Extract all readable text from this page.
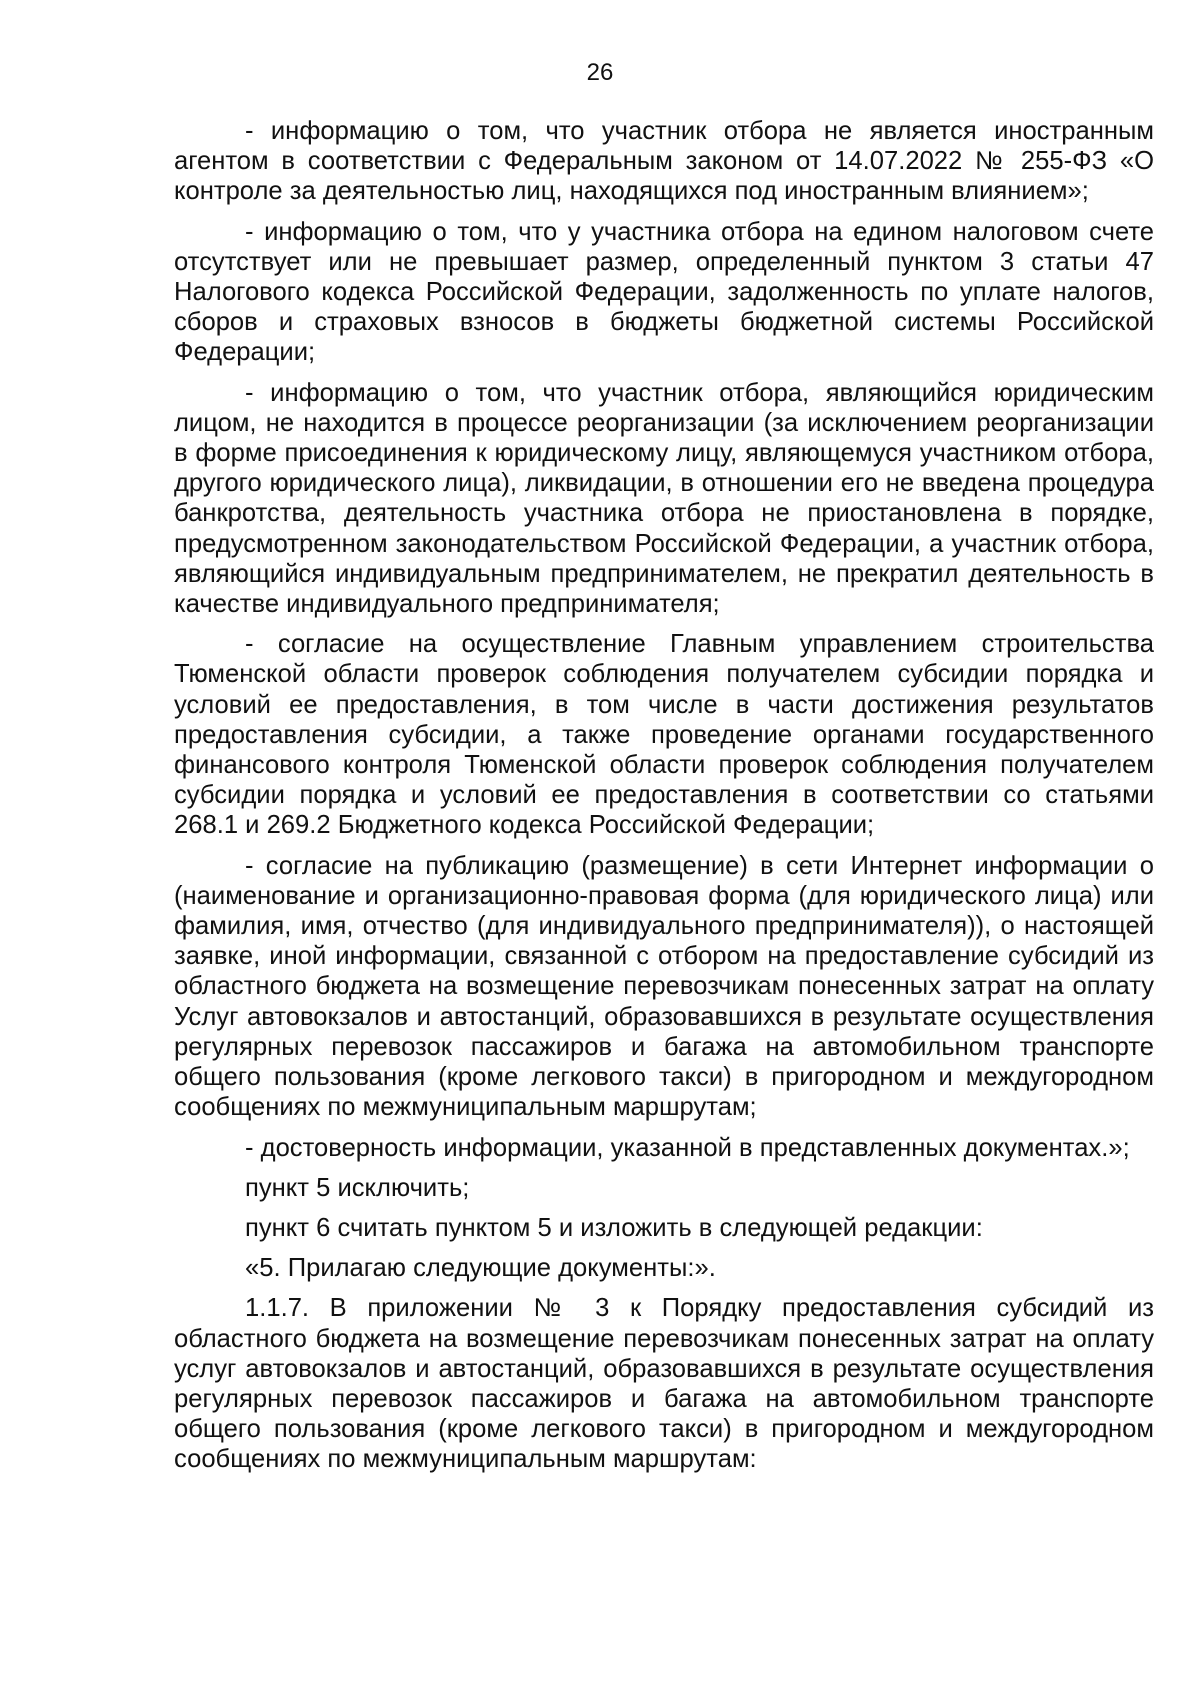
26

- информацию о том, что участник отбора не является иностранным агентом в соответствии с Федеральным законом от 14.07.2022 № 255-ФЗ «О контроле за деятельностью лиц, находящихся под иностранным влиянием»;

- информацию о том, что у участника отбора на едином налоговом счете отсутствует или не превышает размер, определенный пунктом 3 статьи 47 Налогового кодекса Российской Федерации, задолженность по уплате налогов, сборов и страховых взносов в бюджеты бюджетной системы Российской Федерации;

- информацию о том, что участник отбора, являющийся юридическим лицом, не находится в процессе реорганизации (за исключением реорганизации в форме присоединения к юридическому лицу, являющемуся участником отбора, другого юридического лица), ликвидации, в отношении его не введена процедура банкротства, деятельность участника отбора не приостановлена в порядке, предусмотренном законодательством Российской Федерации, а участник отбора, являющийся индивидуальным предпринимателем, не прекратил деятельность в качестве индивидуального предпринимателя;

- согласие на осуществление Главным управлением строительства Тюменской области проверок соблюдения получателем субсидии порядка и условий ее предоставления, в том числе в части достижения результатов предоставления субсидии, а также проведение органами государственного финансового контроля Тюменской области проверок соблюдения получателем субсидии порядка и условий ее предоставления в соответствии со статьями 268.1 и 269.2 Бюджетного кодекса Российской Федерации;

- согласие на публикацию (размещение) в сети Интернет информации о (наименование и организационно-правовая форма (для юридического лица) или фамилия, имя, отчество (для индивидуального предпринимателя)), о настоящей заявке, иной информации, связанной с отбором на предоставление субсидий из областного бюджета на возмещение перевозчикам понесенных затрат на оплату Услуг автовокзалов и автостанций, образовавшихся в результате осуществления регулярных перевозок пассажиров и багажа на автомобильном транспорте общего пользования (кроме легкового такси) в пригородном и междугородном сообщениях по межмуниципальным маршрутам;

- достоверность информации, указанной в представленных документах.»;

пункт 5 исключить;

пункт 6 считать пунктом 5 и изложить в следующей редакции:

«5. Прилагаю следующие документы:».

1.1.7. В приложении № 3 к Порядку предоставления субсидий из областного бюджета на возмещение перевозчикам понесенных затрат на оплату услуг автовокзалов и автостанций, образовавшихся в результате осуществления регулярных перевозок пассажиров и багажа на автомобильном транспорте общего пользования (кроме легкового такси) в пригородном и междугородном сообщениях по межмуниципальным маршрутам:
